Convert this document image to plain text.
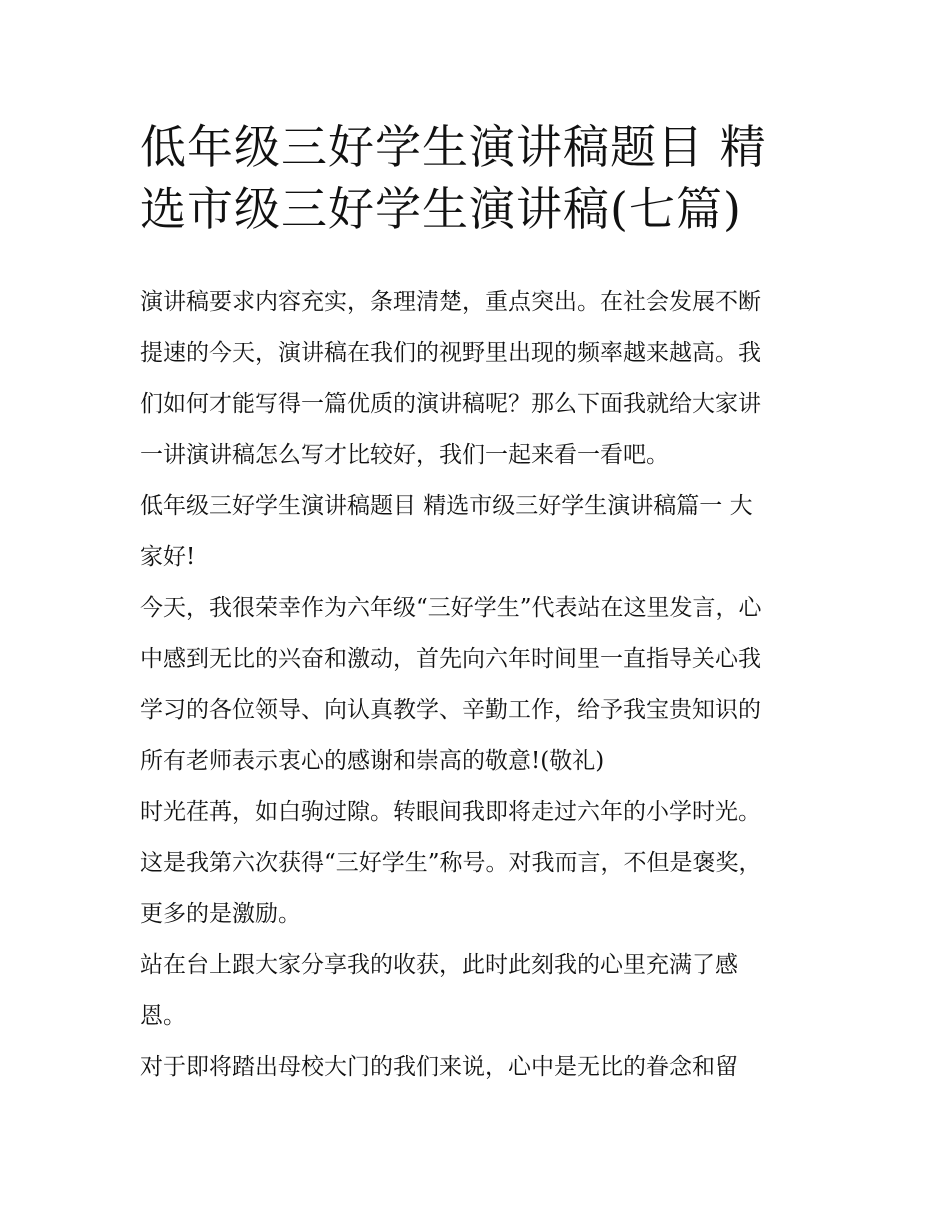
低年级三好学生演讲稿题目 精
选市级三好学生演讲稿(七篇)
演讲稿要求内容充实，条理清楚，重点突出。在社会发展不断
提速的今天，演讲稿在我们的视野里出现的频率越来越高。我
们如何才能写得一篇优质的演讲稿呢？那么下面我就给大家讲
一讲演讲稿怎么写才比较好，我们一起来看一看吧。
低年级三好学生演讲稿题目 精选市级三好学生演讲稿篇一 大
家好!
今天，我很荣幸作为六年级“三好学生”代表站在这里发言，心
中感到无比的兴奋和激动，首先向六年时间里一直指导关心我
学习的各位领导、向认真教学、辛勤工作，给予我宝贵知识的
所有老师表示衷心的感谢和崇高的敬意!(敬礼)
时光荏苒，如白驹过隙。转眼间我即将走过六年的小学时光。
这是我第六次获得“三好学生”称号。对我而言，不但是褒奖，
更多的是激励。
站在台上跟大家分享我的收获，此时此刻我的心里充满了感
恩。
对于即将踏出母校大门的我们来说，心中是无比的眷念和留
